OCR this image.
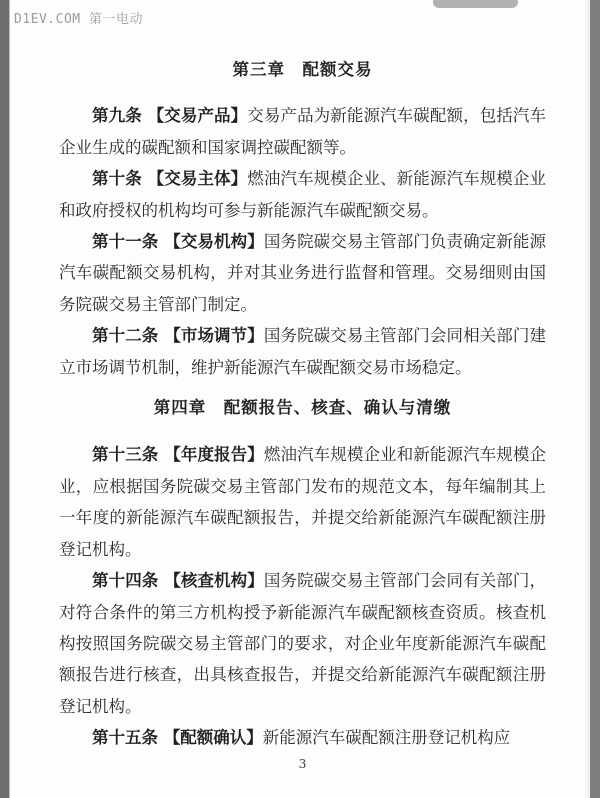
D1EV.COM 第一电动
第三章　配额交易

第九条 【交易产品】交易产品为新能源汽车碳配额，包括汽车企业生成的碳配额和国家调控碳配额等。

第十条 【交易主体】燃油汽车规模企业、新能源汽车规模企业和政府授权的机构均可参与新能源汽车碳配额交易。

第十一条 【交易机构】国务院碳交易主管部门负责确定新能源汽车碳配额交易机构，并对其业务进行监督和管理。交易细则由国务院碳交易主管部门制定。

第十二条 【市场调节】国务院碳交易主管部门会同相关部门建立市场调节机制，维护新能源汽车碳配额交易市场稳定。

第四章　配额报告、核查、确认与清缴

第十三条 【年度报告】燃油汽车规模企业和新能源汽车规模企业，应根据国务院碳交易主管部门发布的规范文本，每年编制其上一年度的新能源汽车碳配额报告，并提交给新能源汽车碳配额注册登记机构。

第十四条 【核查机构】国务院碳交易主管部门会同有关部门，对符合条件的第三方机构授予新能源汽车碳配额核查资质。核查机构按照国务院碳交易主管部门的要求，对企业年度新能源汽车碳配额报告进行核查，出具核查报告，并提交给新能源汽车碳配额注册登记机构。

第十五条 【配额确认】新能源汽车碳配额注册登记机构应

3
